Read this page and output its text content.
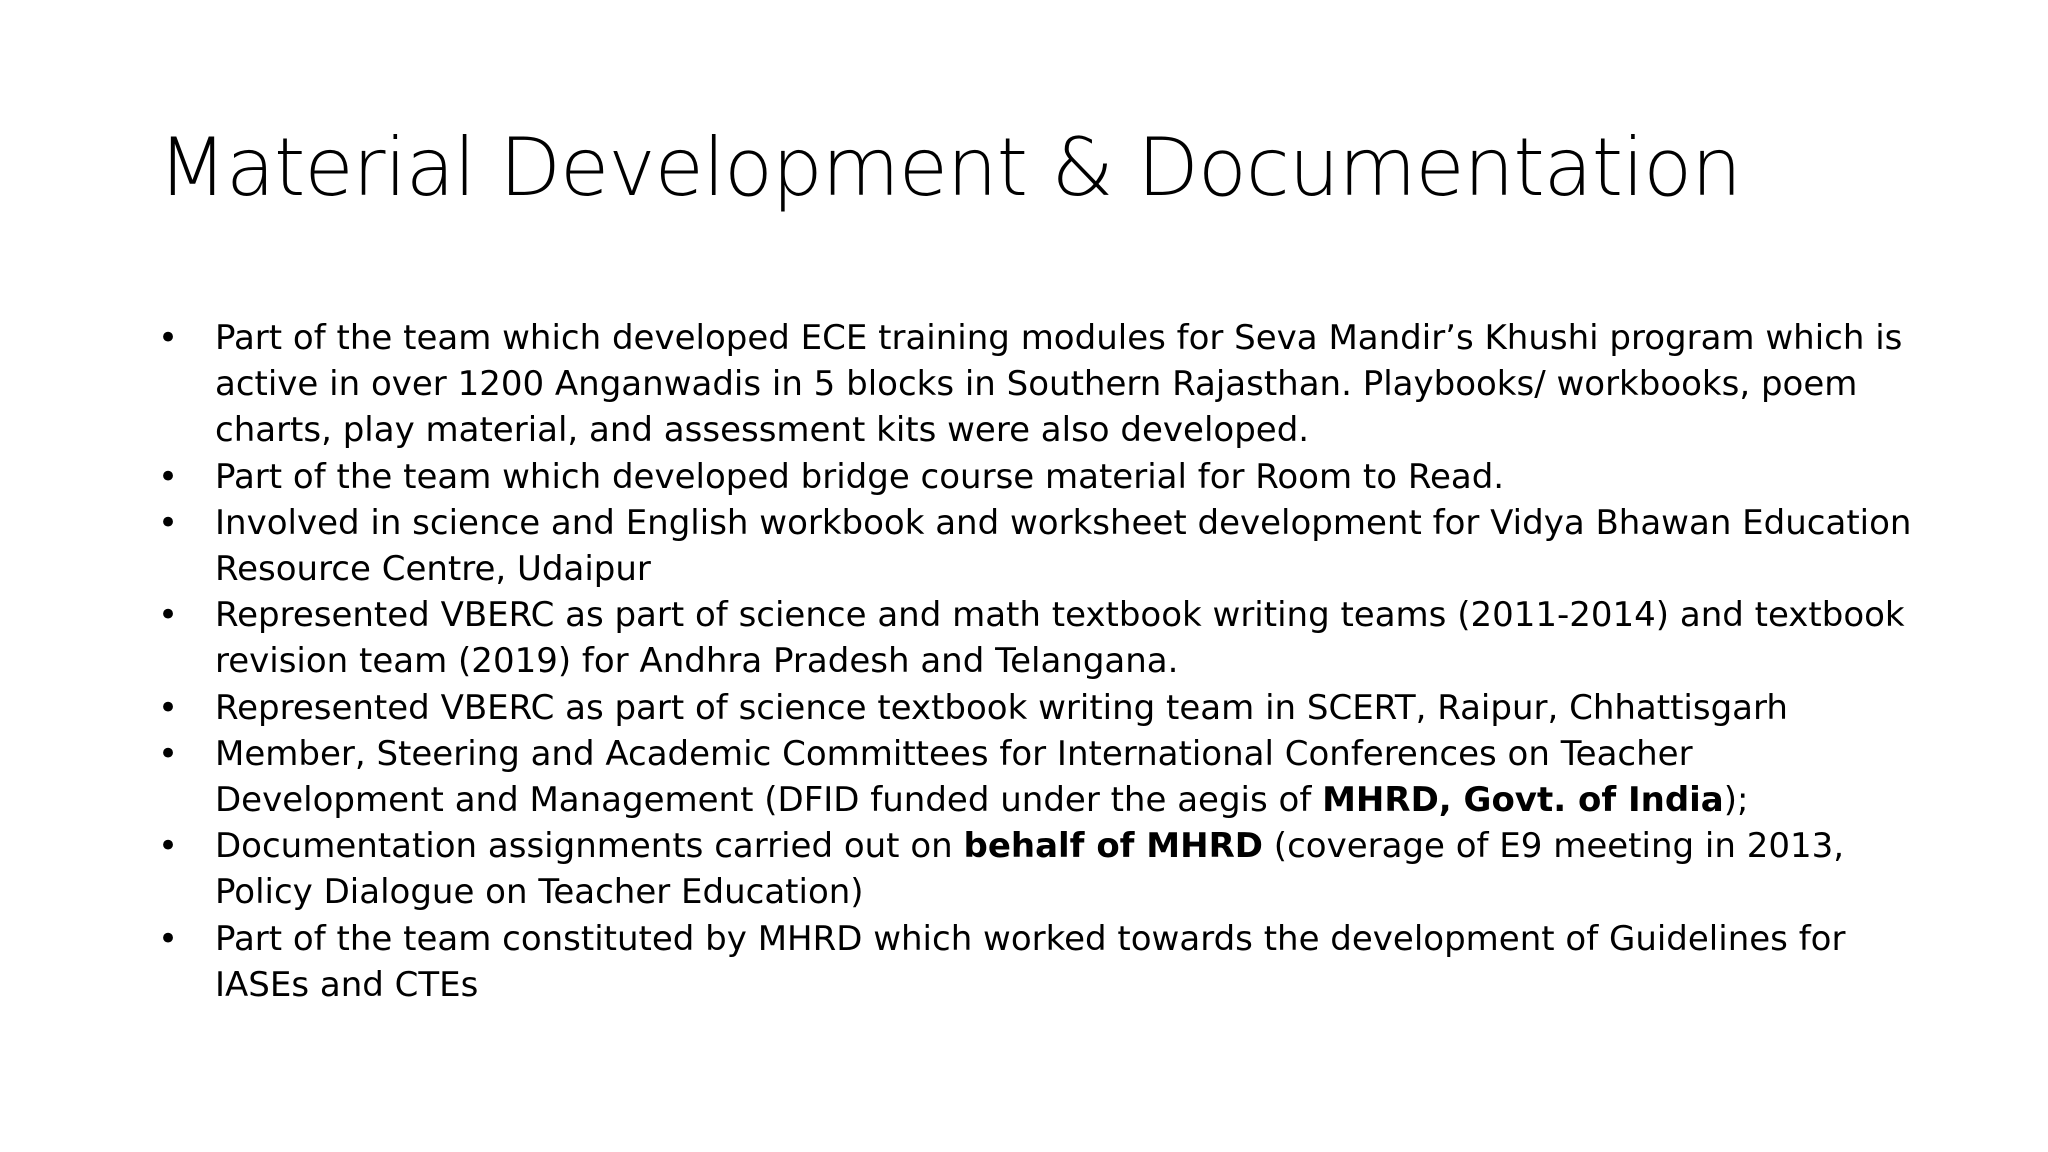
Material Development & Documentation
• Part of the team which developed ECE training modules for Seva Mandir’s Khushi program which is active in over 1200 Anganwadis in 5 blocks in Southern Rajasthan. Playbooks/ workbooks, poem charts, play material, and assessment kits were also developed.
• Part of the team which developed bridge course material for Room to Read.
• Involved in science and English workbook and worksheet development for Vidya Bhawan Education Resource Centre, Udaipur
• Represented VBERC as part of science and math textbook writing teams (2011-2014) and textbook revision team (2019) for Andhra Pradesh and Telangana.
• Represented VBERC as part of science textbook writing team in SCERT, Raipur, Chhattisgarh
• Member, Steering and Academic Committees for International Conferences on Teacher Development and Management (DFID funded under the aegis of MHRD, Govt. of India);
• Documentation assignments carried out on behalf of MHRD (coverage of E9 meeting in 2013, Policy Dialogue on Teacher Education)
• Part of the team constituted by MHRD which worked towards the development of Guidelines for IASEs and CTEs
